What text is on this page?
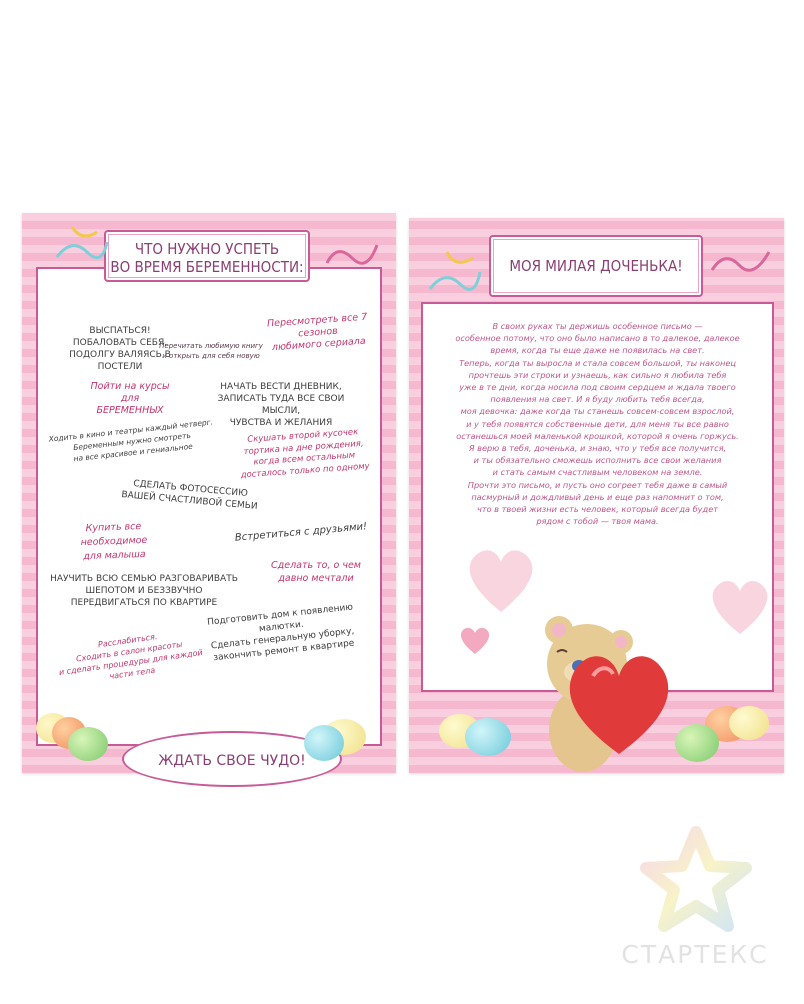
ВЫСПАТЬСЯ!
ПОБАЛОВАТЬ СЕБЯ,
ПОДОЛГУ ВАЛЯЯСЬ В ПОСТЕЛИ
Пересмотреть все 7 сезонов
любимого сериала
Перечитать любимую книгу
и открыть для себя новую
Пойти на курсы для
БЕРЕМЕННЫХ
НАЧАТЬ ВЕСТИ ДНЕВНИК,
ЗАПИСАТЬ ТУДА ВСЕ СВОИ МЫСЛИ,
ЧУВСТВА И ЖЕЛАНИЯ
Ходить в кино и театры каждый четверг.
Беременным нужно смотреть
на все красивое и гениальное
Скушать второй кусочек
тортика на дне рождения,
когда всем остальным
досталось только по одному
СДЕЛАТЬ ФОТОСЕССИЮ
ВАШЕЙ СЧАСТЛИВОЙ СЕМЬИ
Купить все необходимое
для малыша
Встретиться с друзьями!
Сделать то, о чем
давно мечтали
НАУЧИТЬ ВСЮ СЕМЬЮ РАЗГОВАРИВАТЬ
ШЕПОТОМ И БЕЗЗВУЧНО
ПЕРЕДВИГАТЬСЯ ПО КВАРТИРЕ
Подготовить дом к появлению малютки.
Сделать генеральную уборку,
закончить ремонт в квартире
Расслабиться.
Сходить в салон красоты
и сделать процедуры для каждой
части тела
ЖДАТЬ СВОЕ ЧУДО!
ЧТО НУЖНО УСПЕТЬ
ВО ВРЕМЯ БЕРЕМЕННОСТИ:
В своих руках ты держишь особенное письмо —
особенное потому, что оно было написано в то далекое, далекое
время, когда ты еще даже не появилась на свет.
Теперь, когда ты выросла и стала совсем большой, ты наконец
прочтешь эти строки и узнаешь, как сильно я любила тебя
уже в те дни, когда носила под своим сердцем и ждала твоего
появления на свет. И я буду любить тебя всегда,
моя девочка: даже когда ты станешь совсем-совсем взрослой,
и у тебя появятся собственные дети, для меня ты все равно
останешься моей маленькой крошкой, которой я очень горжусь.
Я верю в тебя, доченька, и знаю, что у тебя все получится,
и ты обязательно сможешь исполнить все свои желания
и стать самым счастливым человеком на земле.
Прочти это письмо, и пусть оно согреет тебя даже в самый
пасмурный и дождливый день и еще раз напомнит о том,
что в твоей жизни есть человек, который всегда будет
рядом с тобой — твоя мама.
МОЯ МИЛАЯ ДОЧЕНЬКА!
СТАРТЕКС
